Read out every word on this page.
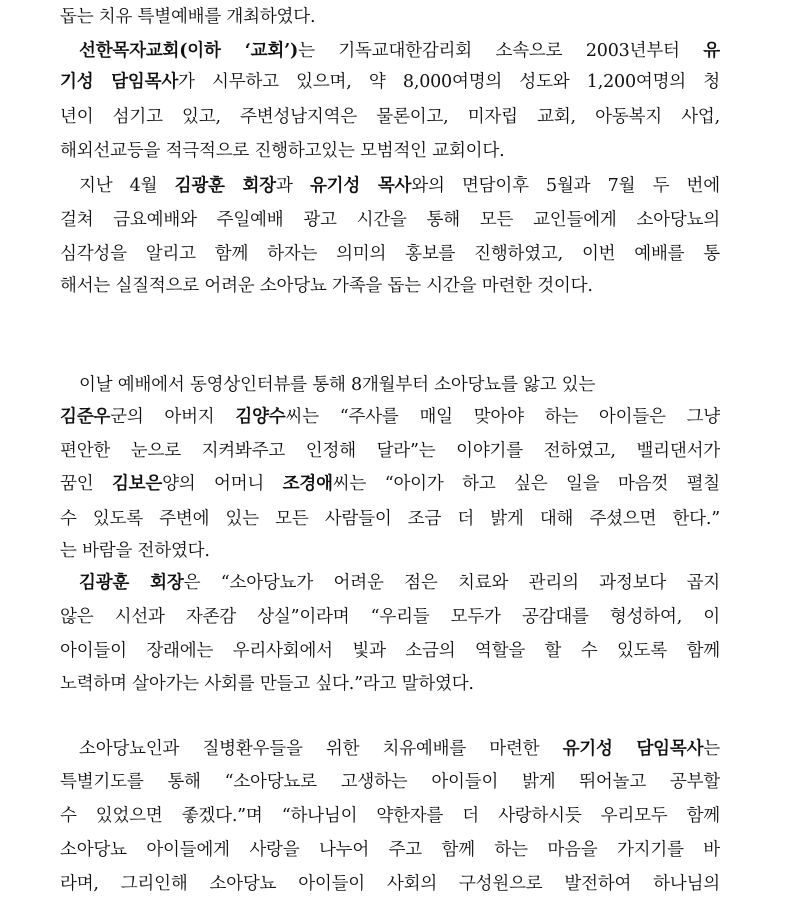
돕는 치유 특별예배를 개최하였다.
선한목자교회(이하 ‘교회’)는 기독교대한감리회 소속으로 2003년부터 유
기성 담임목사가 시무하고 있으며, 약 8,000여명의 성도와 1,200여명의 청
년이 섬기고 있고, 주변성남지역은 물론이고, 미자립 교회, 아동복지 사업,
해외선교등을 적극적으로 진행하고있는 모범적인 교회이다.
지난 4월 김광훈 회장과 유기성 목사와의 면담이후 5월과 7월 두 번에
걸쳐 금요예배와 주일예배 광고 시간을 통해 모든 교인들에게 소아당뇨의
심각성을 알리고 함께 하자는 의미의 홍보를 진행하였고, 이번 예배를 통
해서는 실질적으로 어려운 소아당뇨 가족을 돕는 시간을 마련한 것이다.
이날 예배에서 동영상인터뷰를 통해 8개월부터 소아당뇨를 앓고 있는
김준우군의 아버지 김양수씨는 “주사를 매일 맞아야 하는 아이들은 그냥
편안한 눈으로 지켜봐주고 인정해 달라”는 이야기를 전하였고, 밸리댄서가
꿈인 김보은양의 어머니 조경애씨는 “아이가 하고 싶은 일을 마음껏 펼칠
수 있도록 주변에 있는 모든 사람들이 조금 더 밝게 대해 주셨으면 한다.”
는 바람을 전하였다.
김광훈 회장은 “소아당뇨가 어려운 점은 치료와 관리의 과정보다 곱지
않은 시선과 자존감 상실”이라며 “우리들 모두가 공감대를 형성하여, 이
아이들이 장래에는 우리사회에서 빛과 소금의 역할을 할 수 있도록 함께
노력하며 살아가는 사회를 만들고 싶다.”라고 말하였다.
소아당뇨인과 질병환우들을 위한 치유예배를 마련한 유기성 담임목사는
특별기도를 통해 “소아당뇨로 고생하는 아이들이 밝게 뛰어놀고 공부할
수 있었으면 좋겠다.”며 “하나님이 약한자를 더 사랑하시듯 우리모두 함께
소아당뇨 아이들에게 사랑을 나누어 주고 함께 하는 마음을 가지기를 바
라며, 그리인해 소아당뇨 아이들이 사회의 구성원으로 발전하여 하나님의
